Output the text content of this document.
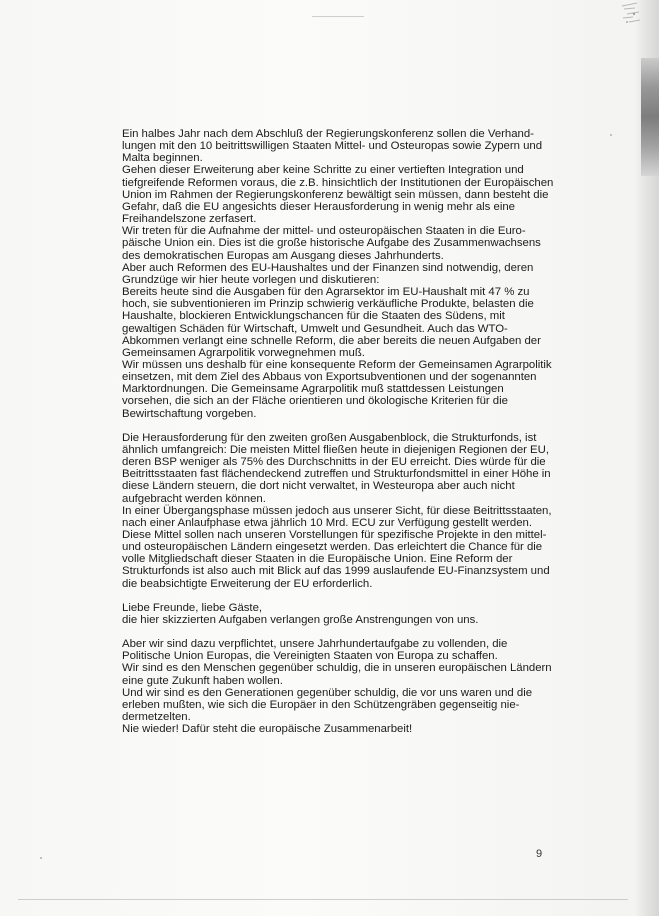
Ein halbes Jahr nach dem Abschluß der Regierungskonferenz sollen die Verhand-
lungen mit den 10 beitrittswilligen Staaten Mittel- und Osteuropas sowie Zypern und
Malta beginnen.
Gehen dieser Erweiterung aber keine Schritte zu einer vertieften Integration und
tiefgreifende Reformen voraus, die z.B. hinsichtlich der Institutionen der Europäischen
Union im Rahmen der Regierungskonferenz bewältigt sein müssen, dann besteht die
Gefahr, daß die EU angesichts dieser Herausforderung in wenig mehr als eine
Freihandelszone zerfasert.
Wir treten für die Aufnahme der mittel- und osteuropäischen Staaten in die Euro-
päische Union ein. Dies ist die große historische Aufgabe des Zusammenwachsens
des demokratischen Europas am Ausgang dieses Jahrhunderts.
Aber auch Reformen des EU-Haushaltes und der Finanzen sind notwendig, deren
Grundzüge wir hier heute vorlegen und diskutieren:
Bereits heute sind die Ausgaben für den Agrarsektor im EU-Haushalt mit 47 % zu
hoch, sie subventionieren im Prinzip schwierig verkäufliche Produkte, belasten die
Haushalte, blockieren Entwicklungschancen für die Staaten des Südens, mit
gewaltigen Schäden für Wirtschaft, Umwelt und Gesundheit. Auch das WTO-
Abkommen verlangt eine schnelle Reform, die aber bereits die neuen Aufgaben der
Gemeinsamen Agrarpolitik vorwegnehmen muß.
Wir müssen uns deshalb für eine konsequente Reform der Gemeinsamen Agrarpolitik
einsetzen, mit dem Ziel des Abbaus von Exportsubventionen und der sogenannten
Marktordnungen. Die Gemeinsame Agrarpolitik muß stattdessen Leistungen
vorsehen, die sich an der Fläche orientieren und ökologische Kriterien für die
Bewirtschaftung vorgeben.

Die Herausforderung für den zweiten großen Ausgabenblock, die Strukturfonds, ist
ähnlich umfangreich: Die meisten Mittel fließen heute in diejenigen Regionen der EU,
deren BSP weniger als 75% des Durchschnitts in der EU erreicht. Dies würde für die
Beitrittsstaaten fast flächendeckend zutreffen und Strukturfondsmittel in einer Höhe in
diese Ländern steuern, die dort nicht verwaltet, in Westeuropa aber auch nicht
aufgebracht werden können.
In einer Übergangsphase müssen jedoch aus unserer Sicht, für diese Beitrittsstaaten,
nach einer Anlaufphase etwa jährlich 10 Mrd. ECU zur Verfügung gestellt werden.
Diese Mittel sollen nach unseren Vorstellungen für spezifische Projekte in den mittel-
und osteuropäischen Ländern eingesetzt werden. Das erleichtert die Chance für die
volle Mitgliedschaft dieser Staaten in die Europäische Union. Eine Reform der
Strukturfonds ist also auch mit Blick auf das 1999 auslaufende EU-Finanzsystem und
die beabsichtigte Erweiterung der EU erforderlich.

Liebe Freunde, liebe Gäste,
die hier skizzierten Aufgaben verlangen große Anstrengungen von uns.

Aber wir sind dazu verpflichtet, unsere Jahrhundertaufgabe zu vollenden, die
Politische Union Europas, die Vereinigten Staaten von Europa zu schaffen.
Wir sind es den Menschen gegenüber schuldig, die in unseren europäischen Ländern
eine gute Zukunft haben wollen.
Und wir sind es den Generationen gegenüber schuldig, die vor uns waren und die
erleben mußten, wie sich die Europäer in den Schützengräben gegenseitig nie-
dermetzelten.
Nie wieder! Dafür steht die europäische Zusammenarbeit!

9
